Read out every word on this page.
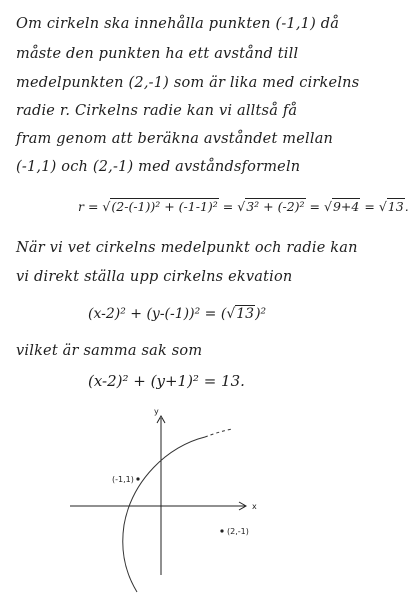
Om cirkeln ska innehålla punkten (-1,1) då
måste den punkten ha ett avstånd till
medelpunkten (2,-1) som är lika med cirkelns
radie r. Cirkelns radie kan vi alltså få
fram genom att beräkna avståndet mellan
(-1,1) och (2,-1) med avståndsformeln
r = √(2-(-1))² + (-1-1)² = √3² + (-2)² = √9+4 = √13.
När vi vet cirkelns medelpunkt och radie kan
vi direkt ställa upp cirkelns ekvation
(x-2)² + (y-(-1))² = (√13)²
vilket är samma sak som
(x-2)² + (y+1)² = 13.
y
x
(-1,1)
(2,-1)
